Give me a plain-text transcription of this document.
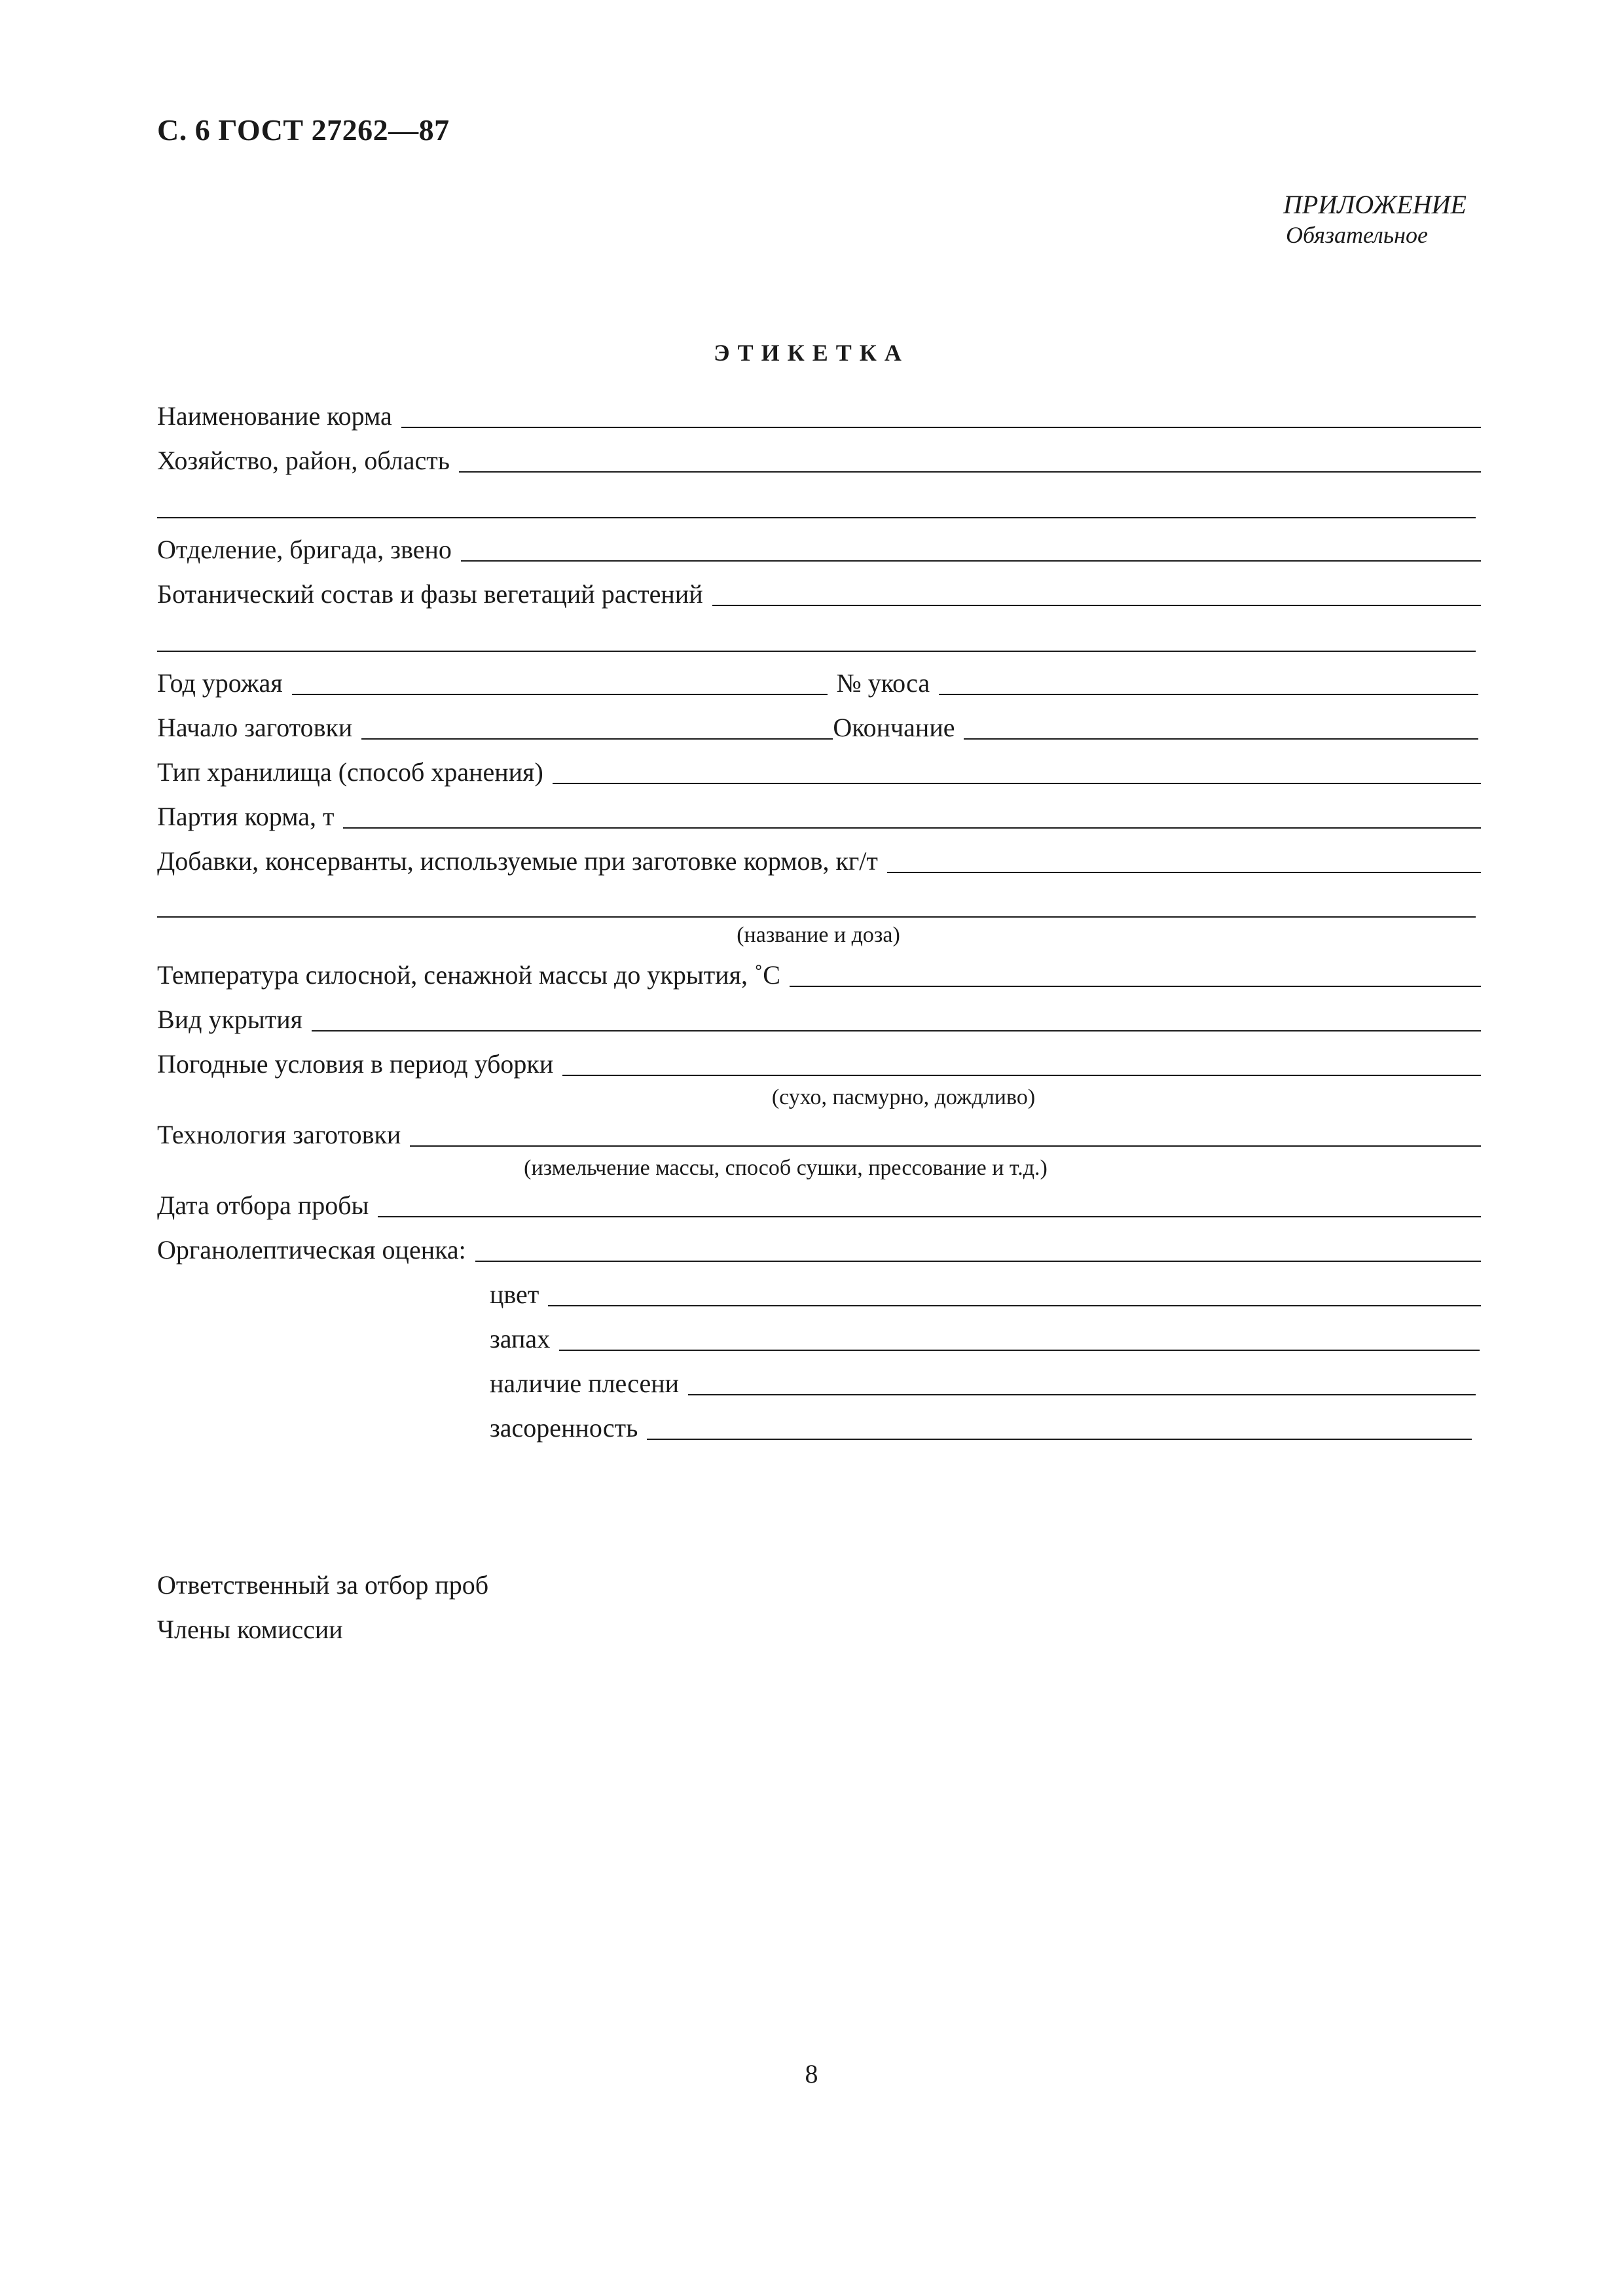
С. 6 ГОСТ 27262—87
ПРИЛОЖЕНИЕ
Обязательное
ЭТИКЕТКА
Наименование корма
Хозяйство, район, область
Отделение, бригада, звено
Ботанический состав и фазы вегетаций растений
Год урожая	№ укоса
Начало заготовки	Окончание
Тип хранилища (способ хранения)
Партия корма, т
Добавки, консерванты, используемые при заготовке кормов, кг/т
(название и доза)
Температура силосной, сенажной массы до укрытия, ˚С
Вид укрытия
Погодные условия в период уборки
(сухо, пасмурно, дождливо)
Технология заготовки
(измельчение массы, способ сушки, прессование и т.д.)
Дата отбора пробы
Органолептическая оценка:
цвет
запах
наличие плесени
засоренность
Ответственный за отбор проб
Члены комиссии
8
